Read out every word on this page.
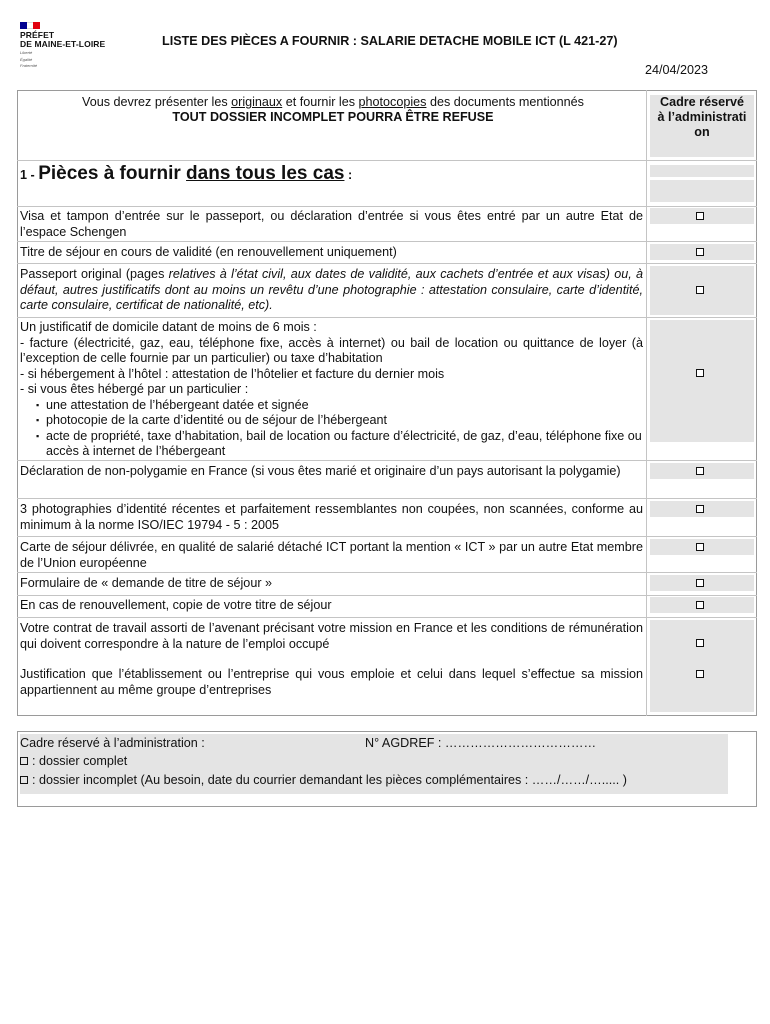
PRÉFET
DE MAINE-ET-LOIRE
Liberté
Égalité
Fraternité
LISTE DES PIÈCES A FOURNIR : SALARIE DETACHE MOBILE ICT (L 421-27)
24/04/2023
Vous devrez présenter les originaux et fournir les photocopies des documents mentionnés
TOUT DOSSIER INCOMPLET POURRA ÊTRE REFUSE
Cadre réservé à l’administration
1 - Pièces à fournir dans tous les cas :
Visa et tampon d’entrée sur le passeport, ou déclaration d’entrée si vous êtes entré par un autre Etat de l’espace Schengen
Titre de séjour en cours de validité (en renouvellement uniquement)
Passeport original (pages relatives à l’état civil, aux dates de validité, aux cachets d’entrée et aux visas) ou, à défaut, autres justificatifs dont au moins un revêtu d’une photographie : attestation consulaire, carte d’identité, carte consulaire, certificat de nationalité, etc).
Un justificatif de domicile datant de moins de 6 mois :
- facture (électricité, gaz, eau, téléphone fixe, accès à internet) ou bail de location ou quittance de loyer (à l’exception de celle fournie par un particulier) ou taxe d’habitation
- si hébergement à l’hôtel : attestation de l’hôtelier et facture du dernier mois
- si vous êtes hébergé par un particulier :
▪ une attestation de l’hébergeant datée et signée
▪ photocopie de la carte d’identité ou de séjour de l’hébergeant
▪ acte de propriété, taxe d’habitation, bail de location ou facture d’électricité, de gaz, d’eau, téléphone fixe ou accès à internet de l’hébergeant
Déclaration de non-polygamie en France (si vous êtes marié et originaire d’un pays autorisant la polygamie)
3 photographies d’identité récentes et parfaitement ressemblantes non coupées, non scannées, conforme au minimum à la norme ISO/IEC 19794 - 5 : 2005
Carte de séjour délivrée, en qualité de salarié détaché ICT portant la mention « ICT » par un autre Etat membre de l’Union européenne
Formulaire de « demande de titre de séjour »
En cas de renouvellement, copie de votre titre de séjour
Votre contrat de travail assorti de l’avenant précisant votre mission en France et les conditions de rémunération qui doivent correspondre à la nature de l’emploi occupé
Justification que l’établissement ou l’entreprise qui vous emploie et celui dans lequel s’effectue sa mission appartiennent au même groupe d’entreprises
Cadre réservé à l’administration :	N° AGDREF : ………………………………
: dossier complet
: dossier incomplet (Au besoin, date du courrier demandant les pièces complémentaires : ……/……/…..... )
